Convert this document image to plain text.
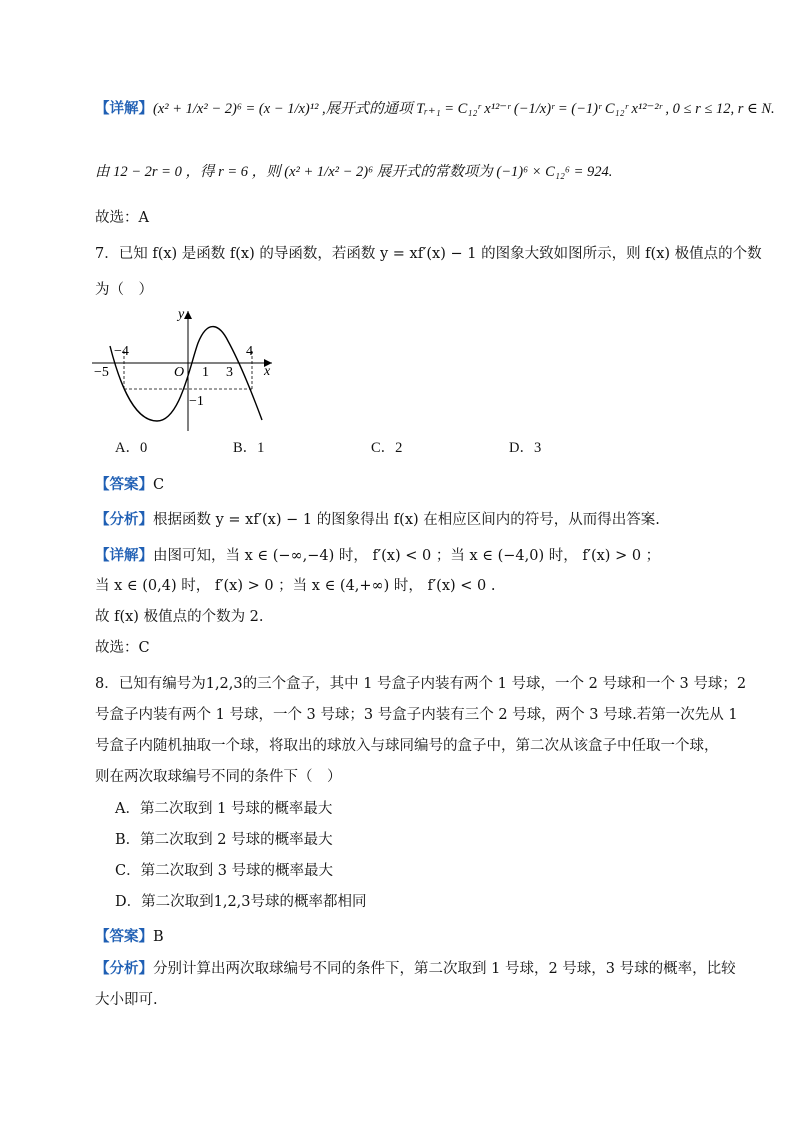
【详解】(x² + 1/x² − 2)⁶ = (x − 1/x)¹² ,展开式的通项 Tᵣ₊₁ = C₁₂ʳ x¹²⁻ʳ (−1/x)ʳ = (−1)ʳ C₁₂ʳ x¹²⁻²ʳ , 0 ≤ r ≤ 12, r ∈ N.
由 12 − 2r = 0 ，得 r = 6 ，则 (x² + 1/x² − 2)⁶ 展开式的常数项为 (−1)⁶ × C₁₂⁶ = 924.
故选：A
7．已知 f(x) 是函数 f(x) 的导函数，若函数 y = xf′(x) − 1 的图象大致如图所示，则 f(x) 极值点的个数
为（　）
y
x
O
−5
−4
1 3
4
−1
A．0	B．1	C．2	D．3
【答案】C
【分析】根据函数 y = xf′(x) − 1 的图象得出 f(x) 在相应区间内的符号，从而得出答案.
【详解】由图可知，当 x ∈ (−∞,−4) 时， f′(x) < 0 ；当 x ∈ (−4,0) 时， f′(x) > 0 ；
当 x ∈ (0,4) 时， f′(x) > 0 ；当 x ∈ (4,+∞) 时， f′(x) < 0 .
故 f(x) 极值点的个数为 2.
故选：C
8．已知有编号为1,2,3的三个盒子，其中 1 号盒子内装有两个 1 号球，一个 2 号球和一个 3 号球；2
号盒子内装有两个 1 号球，一个 3 号球；3 号盒子内装有三个 2 号球，两个 3 号球.若第一次先从 1
号盒子内随机抽取一个球，将取出的球放入与球同编号的盒子中，第二次从该盒子中任取一个球，
则在两次取球编号不同的条件下（　）
A．第二次取到 1 号球的概率最大
B．第二次取到 2 号球的概率最大
C．第二次取到 3 号球的概率最大
D．第二次取到1,2,3号球的概率都相同
【答案】B
【分析】分别计算出两次取球编号不同的条件下，第二次取到 1 号球，2 号球，3 号球的概率，比较
大小即可.
